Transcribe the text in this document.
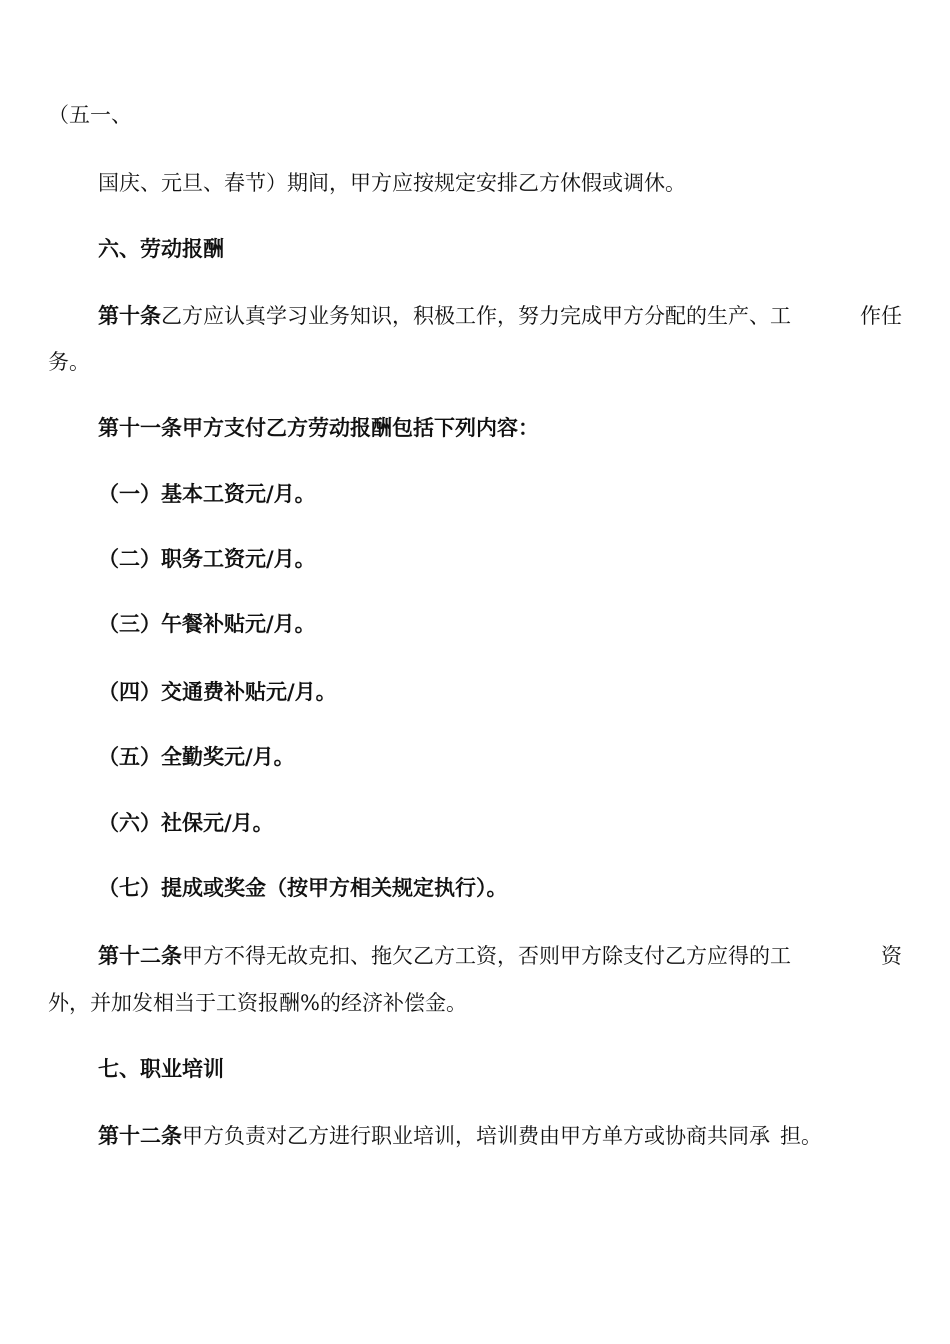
（五一、
国庆、元旦、春节）期间，甲方应按规定安排乙方休假或调休。
六、劳动报酬
第十条乙方应认真学习业务知识，积极工作，努力完成甲方分配的生产、工	作任
务。
第十一条甲方支付乙方劳动报酬包括下列内容：
（一）基本工资元/月。
（二）职务工资元/月。
（三）午餐补贴元/月。
（四）交通费补贴元/月。
（五）全勤奖元/月。
（六）社保元/月。
（七）提成或奖金（按甲方相关规定执行）。
第十二条甲方不得无故克扣、拖欠乙方工资，否则甲方除支付乙方应得的工	资
外，并加发相当于工资报酬%的经济补偿金。
七、职业培训
第十二条甲方负责对乙方进行职业培训，培训费由甲方单方或协商共同承 担。
